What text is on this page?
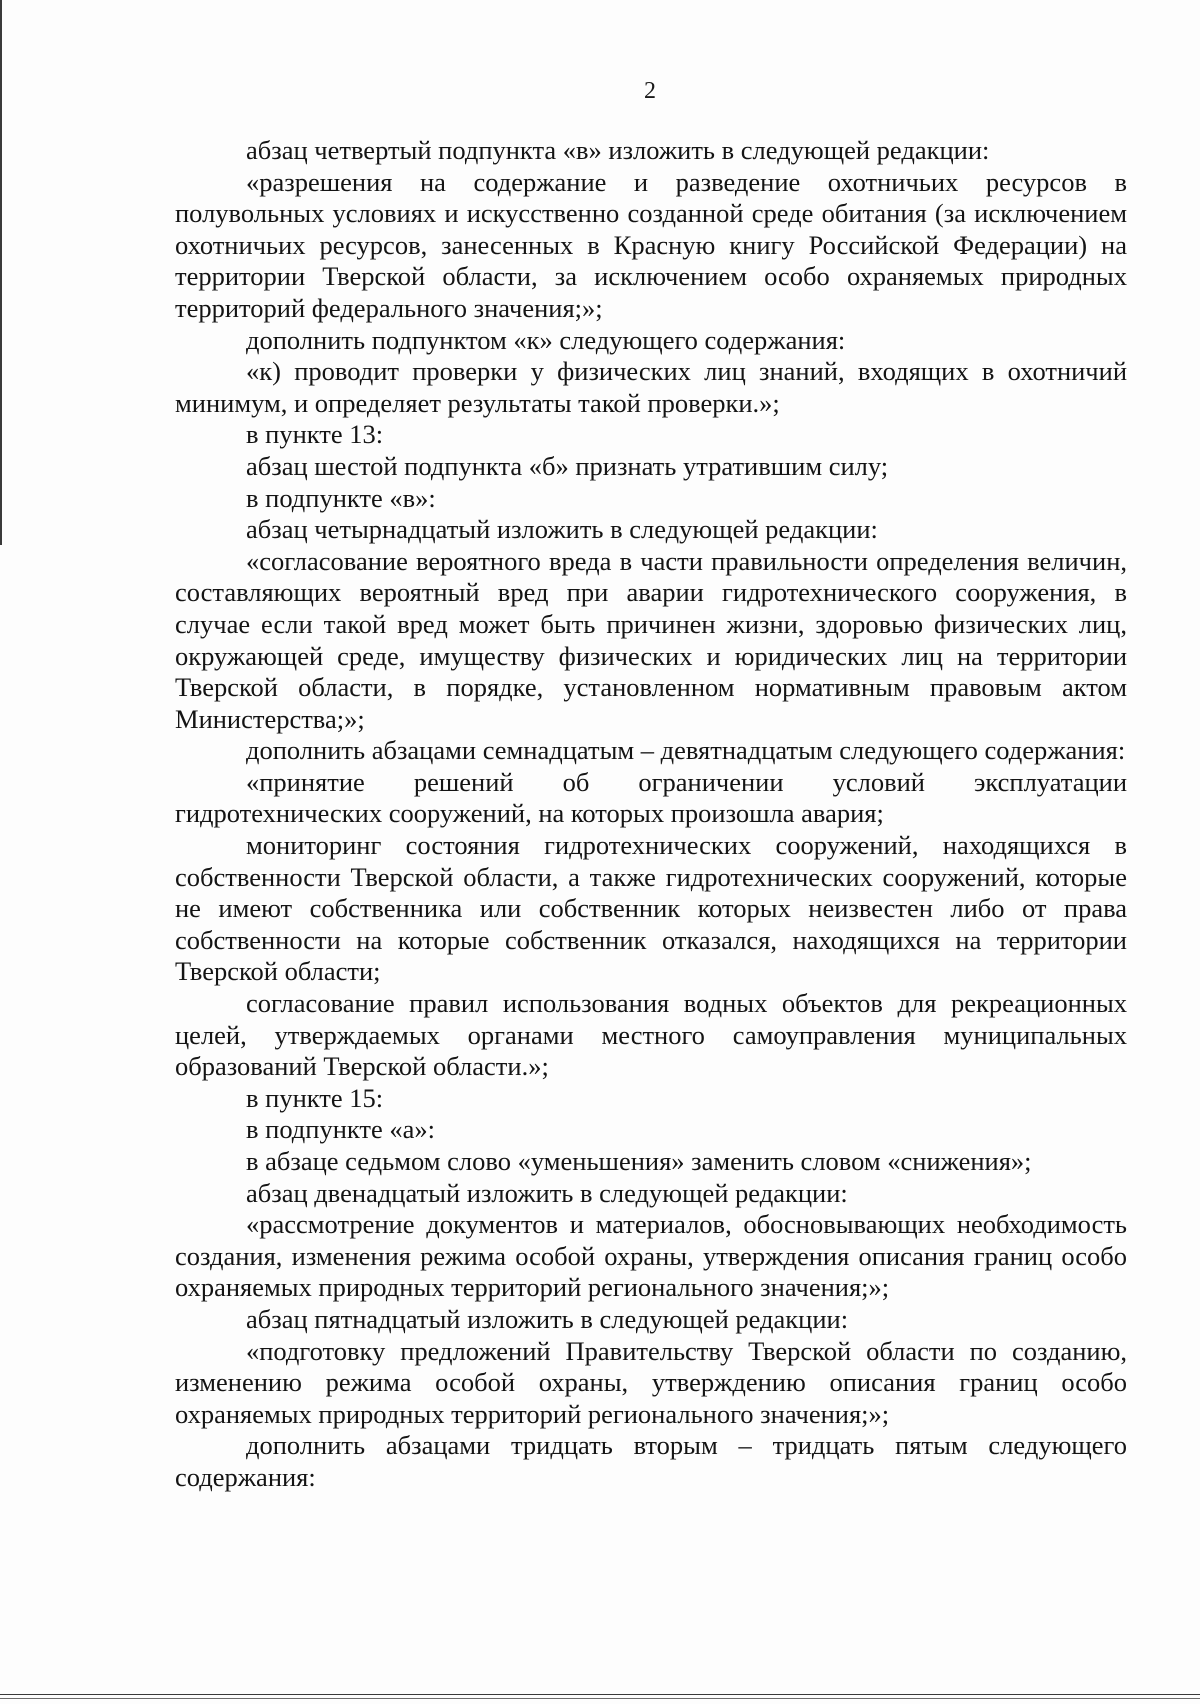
2

абзац четвертый подпункта «в» изложить в следующей редакции:

«разрешения на содержание и разведение охотничьих ресурсов в полувольных условиях и искусственно созданной среде обитания (за исключением охотничьих ресурсов, занесенных в Красную книгу Российской Федерации) на территории Тверской области, за исключением особо охраняемых природных территорий федерального значения;»;

дополнить подпунктом «к» следующего содержания:

«к) проводит проверки у физических лиц знаний, входящих в охотничий минимум, и определяет результаты такой проверки.»;

в пункте 13:

абзац шестой подпункта «б» признать утратившим силу;

в подпункте «в»:

абзац четырнадцатый изложить в следующей редакции:

«согласование вероятного вреда в части правильности определения величин, составляющих вероятный вред при аварии гидротехнического сооружения, в случае если такой вред может быть причинен жизни, здоровью физических лиц, окружающей среде, имуществу физических и юридических лиц на территории Тверской области, в порядке, установленном нормативным правовым актом Министерства;»;

дополнить абзацами семнадцатым – девятнадцатым следующего содержания:

«принятие решений об ограничении условий эксплуатации гидротехнических сооружений, на которых произошла авария;

мониторинг состояния гидротехнических сооружений, находящихся в собственности Тверской области, а также гидротехнических сооружений, которые не имеют собственника или собственник которых неизвестен либо от права собственности на которые собственник отказался, находящихся на территории Тверской области;

согласование правил использования водных объектов для рекреационных целей, утверждаемых органами местного самоуправления муниципальных образований Тверской области.»;

в пункте 15:

в подпункте «а»:

в абзаце седьмом слово «уменьшения» заменить словом «снижения»;

абзац двенадцатый изложить в следующей редакции:

«рассмотрение документов и материалов, обосновывающих необходимость создания, изменения режима особой охраны, утверждения описания границ особо охраняемых природных территорий регионального значения;»;

абзац пятнадцатый изложить в следующей редакции:

«подготовку предложений Правительству Тверской области по созданию, изменению режима особой охраны, утверждению описания границ особо охраняемых природных территорий регионального значения;»;

дополнить абзацами тридцать вторым – тридцать пятым следующего содержания:
